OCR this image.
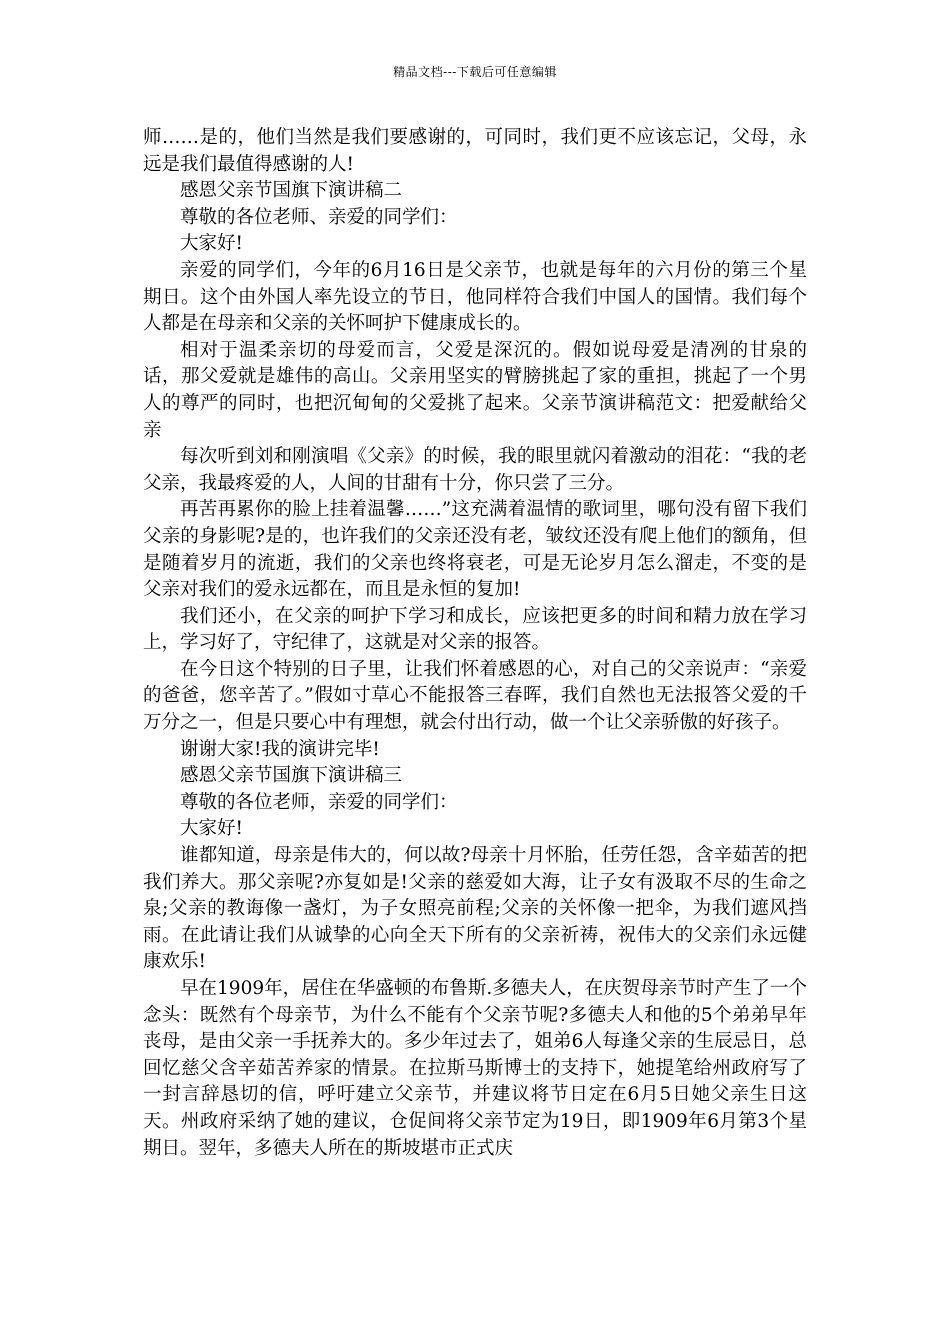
精品文档---下载后可任意编辑

师……是的，他们当然是我们要感谢的，可同时，我们更不应该忘记，父母，永远是我们最值得感谢的人!

感恩父亲节国旗下演讲稿二

尊敬的各位老师、亲爱的同学们：

大家好!

亲爱的同学们，今年的6月16日是父亲节，也就是每年的六月份的第三个星期日。这个由外国人率先设立的节日，他同样符合我们中国人的国情。我们每个人都是在母亲和父亲的关怀呵护下健康成长的。

相对于温柔亲切的母爱而言，父爱是深沉的。假如说母爱是清冽的甘泉的话，那父爱就是雄伟的高山。父亲用坚实的臂膀挑起了家的重担，挑起了一个男人的尊严的同时，也把沉甸甸的父爱挑了起来。父亲节演讲稿范文：把爱献给父亲

每次听到刘和刚演唱《父亲》的时候，我的眼里就闪着激动的泪花：“我的老父亲，我最疼爱的人，人间的甘甜有十分，你只尝了三分。

再苦再累你的脸上挂着温馨……”这充满着温情的歌词里，哪句没有留下我们父亲的身影呢?是的，也许我们的父亲还没有老，皱纹还没有爬上他们的额角，但是随着岁月的流逝，我们的父亲也终将衰老，可是无论岁月怎么溜走，不变的是父亲对我们的爱永远都在，而且是永恒的复加!

我们还小，在父亲的呵护下学习和成长，应该把更多的时间和精力放在学习上，学习好了，守纪律了，这就是对父亲的报答。

在今日这个特别的日子里，让我们怀着感恩的心，对自己的父亲说声：“亲爱的爸爸，您辛苦了。”假如寸草心不能报答三春晖，我们自然也无法报答父爱的千万分之一，但是只要心中有理想，就会付出行动，做一个让父亲骄傲的好孩子。

谢谢大家!我的演讲完毕!

感恩父亲节国旗下演讲稿三

尊敬的各位老师，亲爱的同学们：

大家好!

谁都知道，母亲是伟大的，何以故?母亲十月怀胎，任劳任怨，含辛茹苦的把我们养大。那父亲呢?亦复如是!父亲的慈爱如大海，让子女有汲取不尽的生命之泉;父亲的教诲像一盏灯，为子女照亮前程;父亲的关怀像一把伞，为我们遮风挡雨。在此请让我们从诚挚的心向全天下所有的父亲祈祷，祝伟大的父亲们永远健康欢乐!

早在1909年，居住在华盛顿的布鲁斯.多德夫人，在庆贺母亲节时产生了一个念头：既然有个母亲节，为什么不能有个父亲节呢?多德夫人和他的5个弟弟早年丧母，是由父亲一手抚养大的。多少年过去了，姐弟6人每逢父亲的生辰忌日，总回忆慈父含辛茹苦养家的情景。在拉斯马斯博士的支持下，她提笔给州政府写了一封言辞恳切的信，呼吁建立父亲节，并建议将节日定在6月5日她父亲生日这天。州政府采纳了她的建议，仓促间将父亲节定为19日，即1909年6月第3个星期日。翌年，多德夫人所在的斯坡堪市正式庆
